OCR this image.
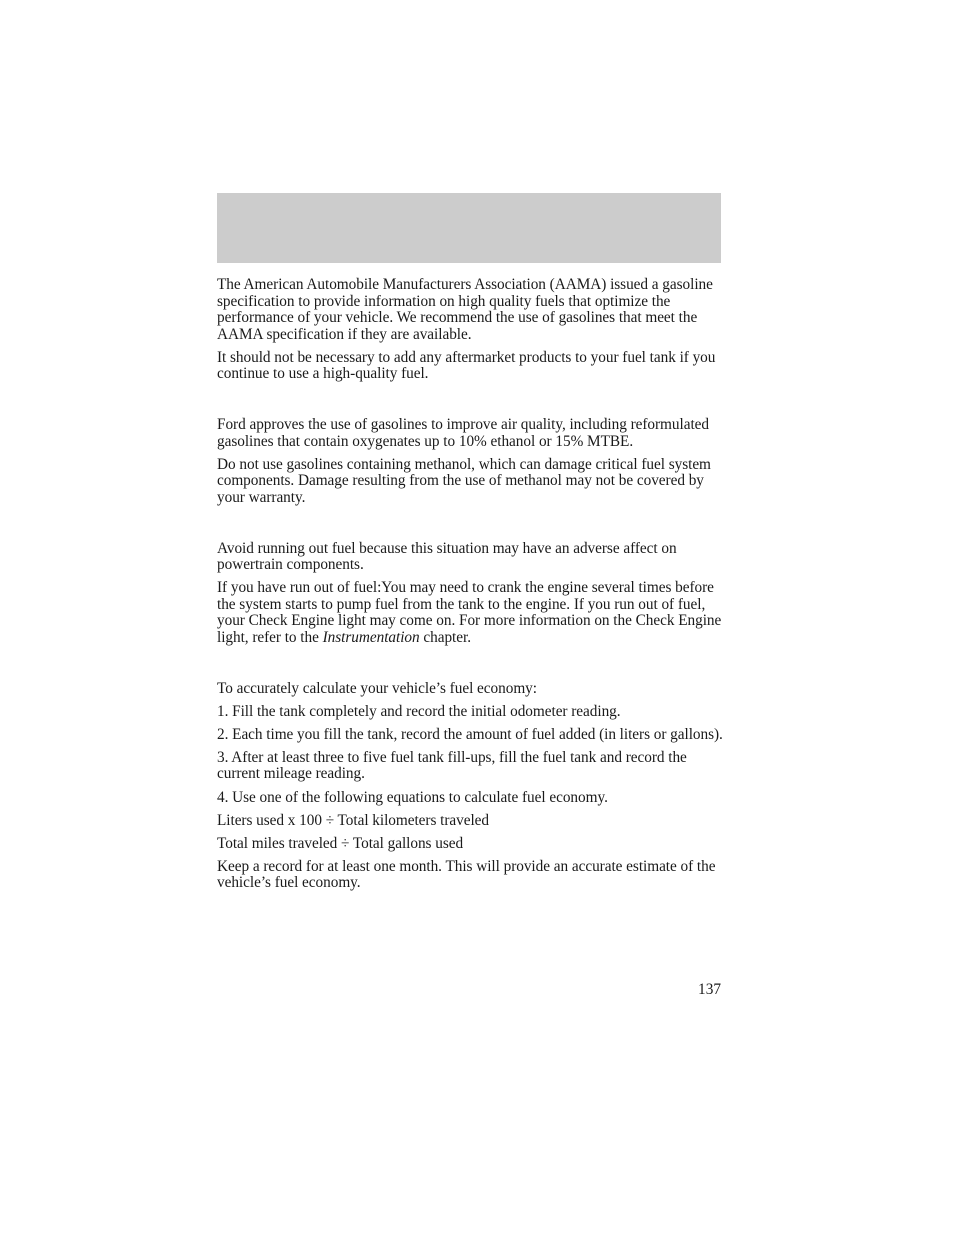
The American Automobile Manufacturers Association (AAMA) issued a gasoline specification to provide information on high quality fuels that optimize the performance of your vehicle. We recommend the use of gasolines that meet the AAMA specification if they are available.

It should not be necessary to add any aftermarket products to your fuel tank if you continue to use a high-quality fuel.

Ford approves the use of gasolines to improve air quality, including reformulated gasolines that contain oxygenates up to 10% ethanol or 15% MTBE.

Do not use gasolines containing methanol, which can damage critical fuel system components. Damage resulting from the use of methanol may not be covered by your warranty.

Avoid running out fuel because this situation may have an adverse affect on powertrain components.

If you have run out of fuel:You may need to crank the engine several times before the system starts to pump fuel from the tank to the engine. If you run out of fuel, your Check Engine light may come on. For more information on the Check Engine light, refer to the Instrumentation chapter.

To accurately calculate your vehicle’s fuel economy:

1. Fill the tank completely and record the initial odometer reading.

2. Each time you fill the tank, record the amount of fuel added (in liters or gallons).

3. After at least three to five fuel tank fill-ups, fill the fuel tank and record the current mileage reading.

4. Use one of the following equations to calculate fuel economy.

Liters used x 100 ÷ Total kilometers traveled

Total miles traveled ÷ Total gallons used

Keep a record for at least one month. This will provide an accurate estimate of the vehicle’s fuel economy.

137
